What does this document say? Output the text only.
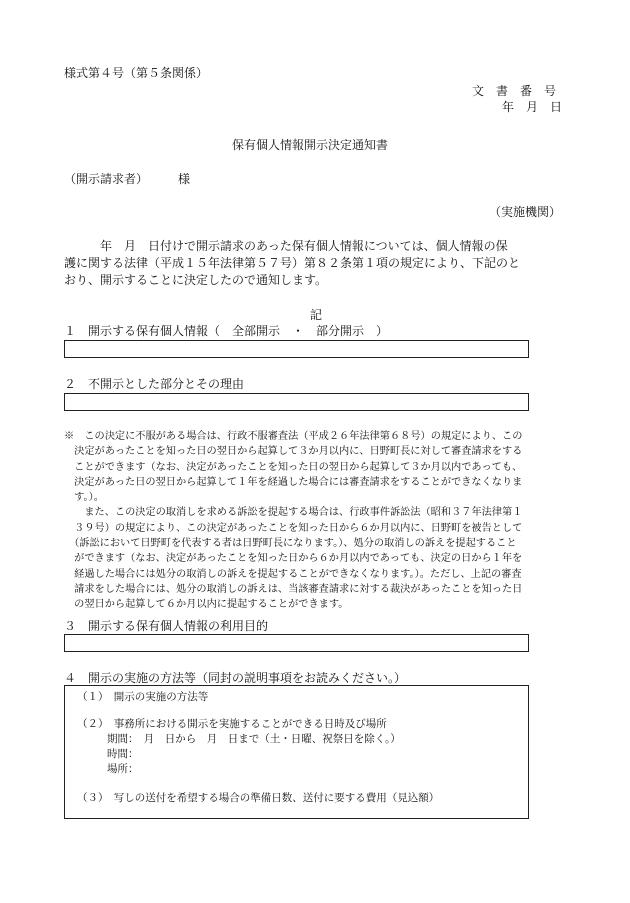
様式第４号（第５条関係）
文　書　番　号
年　月　日
保有個人情報開示決定通知書
（開示請求者）　　　様
（実施機関）
　　　年　月　日付けで開示請求のあった保有個人情報については、個人情報の保
護に関する法律（平成１５年法律第５７号）第８２条第１項の規定により、下記のと
おり、開示することに決定したので通知します。
記
１　開示する保有個人情報（　全部開示　・　部分開示　）
２　不開示とした部分とその理由

※　この決定に不服がある場合は、行政不服審査法（平成２６年法律第６８号）の規定により、この

　決定があったことを知った日の翌日から起算して３か月以内に、日野町長に対して審査請求をする

　ことができます（なお、決定があったことを知った日の翌日から起算して３か月以内であっても、

　決定があった日の翌日から起算して１年を経過した場合には審査請求をすることができなくなりま

　す。）。

　　また、この決定の取消しを求める訴訟を提起する場合は、行政事件訴訟法（昭和３７年法律第１

　３９号）の規定により、この決定があったことを知った日から６か月以内に、日野町を被告として

　（訴訟において日野町を代表する者は日野町長になります。）、処分の取消しの訴えを提起すること

　ができます（なお、決定があったことを知った日から６か月以内であっても、決定の日から１年を

　経過した場合には処分の取消しの訴えを提起することができなくなります。）。ただし、上記の審査

　請求をした場合には、処分の取消しの訴えは、当該審査請求に対する裁決があったことを知った日

　の翌日から起算して６か月以内に提起することができます。

３　開示する保有個人情報の利用目的
４　開示の実施の方法等（同封の説明事項をお読みください。）
（１）　開示の実施の方法等
（２）　事務所における開示を実施することができる日時及び場所
期間：　月　日から　月　日まで（土・日曜、祝祭日を除く。）
時間：
場所：
（３）　写しの送付を希望する場合の準備日数、送付に要する費用（見込額）
